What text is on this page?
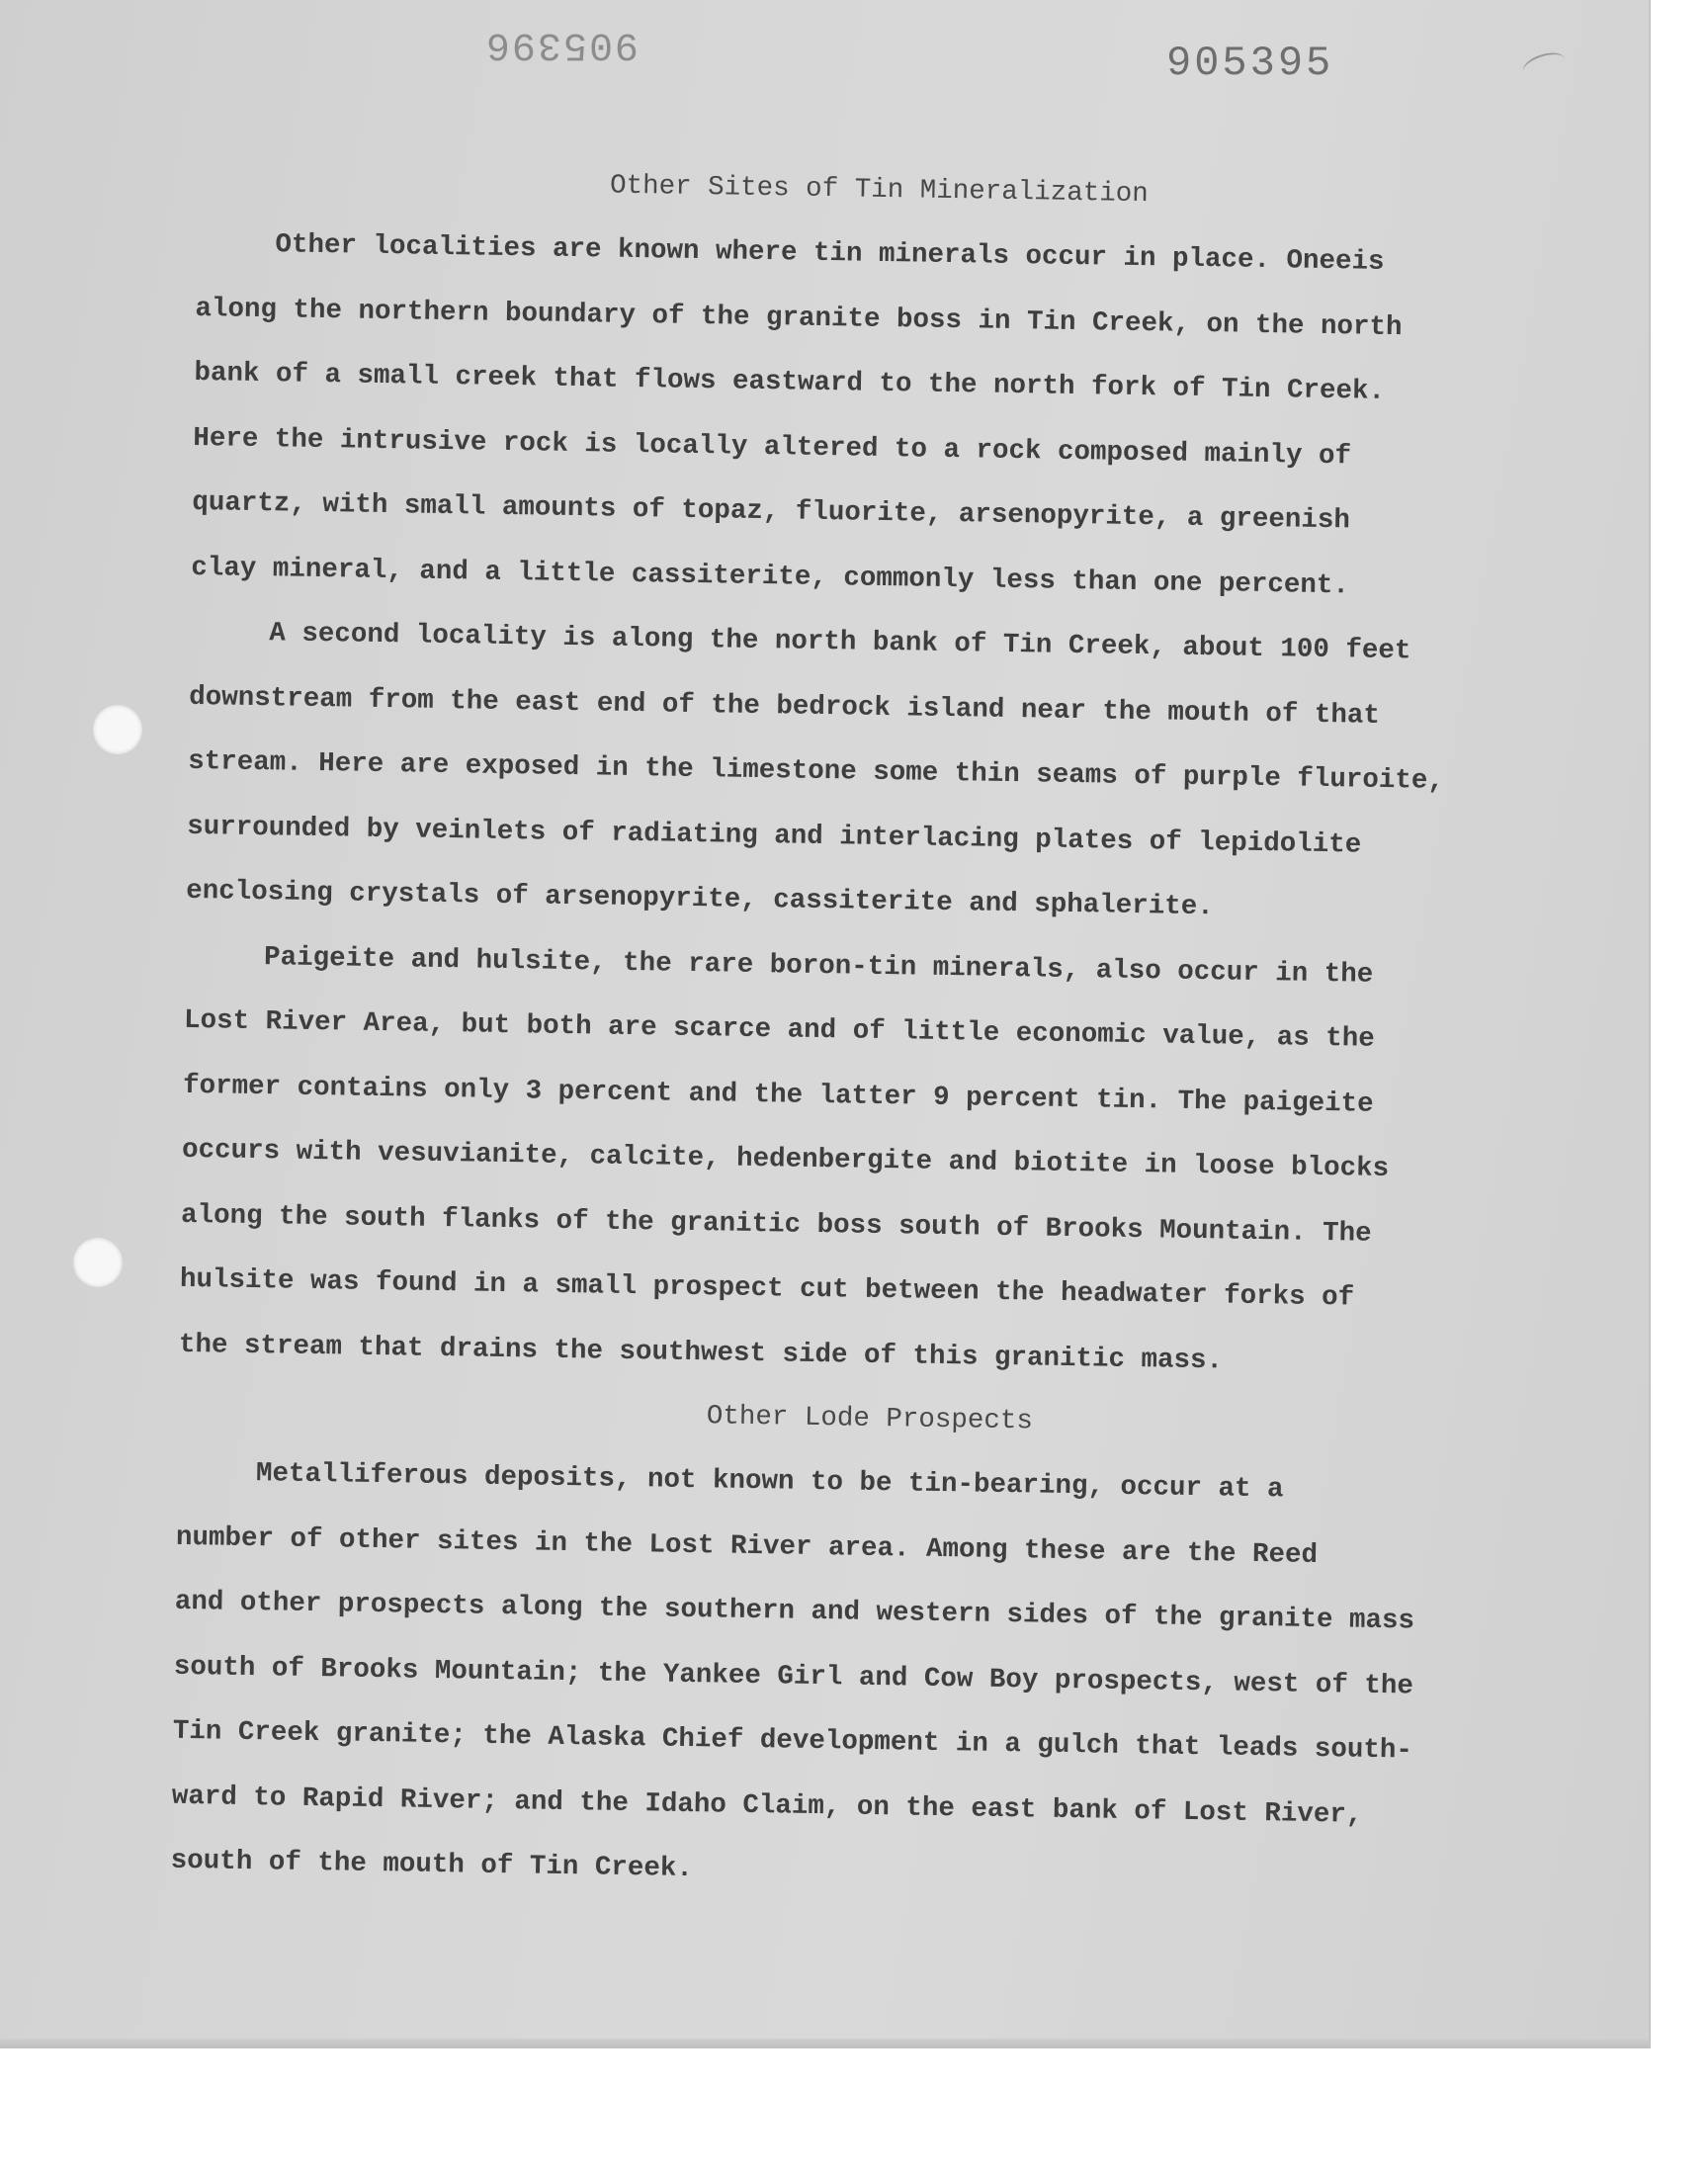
905396	905395
Other Sites of Tin Mineralization
Other localities are known where tin minerals occur in place. Oneeis
along the northern boundary of the granite boss in Tin Creek, on the north
bank of a small creek that flows eastward to the north fork of Tin Creek.
Here the intrusive rock is locally altered to a rock composed mainly of
quartz, with small amounts of topaz, fluorite, arsenopyrite, a greenish
clay mineral, and a little cassiterite, commonly less than one percent.
A second locality is along the north bank of Tin Creek, about 100 feet
downstream from the east end of the bedrock island near the mouth of that
stream. Here are exposed in the limestone some thin seams of purple fluroite,
surrounded by veinlets of radiating and interlacing plates of lepidolite
enclosing crystals of arsenopyrite, cassiterite and sphalerite.
Paigeite and hulsite, the rare boron-tin minerals, also occur in the
Lost River Area, but both are scarce and of little economic value, as the
former contains only 3 percent and the latter 9 percent tin. The paigeite
occurs with vesuvianite, calcite, hedenbergite and biotite in loose blocks
along the south flanks of the granitic boss south of Brooks Mountain. The
hulsite was found in a small prospect cut between the headwater forks of
the stream that drains the southwest side of this granitic mass.
Other Lode Prospects
Metalliferous deposits, not known to be tin-bearing, occur at a
number of other sites in the Lost River area. Among these are the Reed
and other prospects along the southern and western sides of the granite mass
south of Brooks Mountain; the Yankee Girl and Cow Boy prospects, west of the
Tin Creek granite; the Alaska Chief development in a gulch that leads south-
ward to Rapid River; and the Idaho Claim, on the east bank of Lost River,
south of the mouth of Tin Creek.
